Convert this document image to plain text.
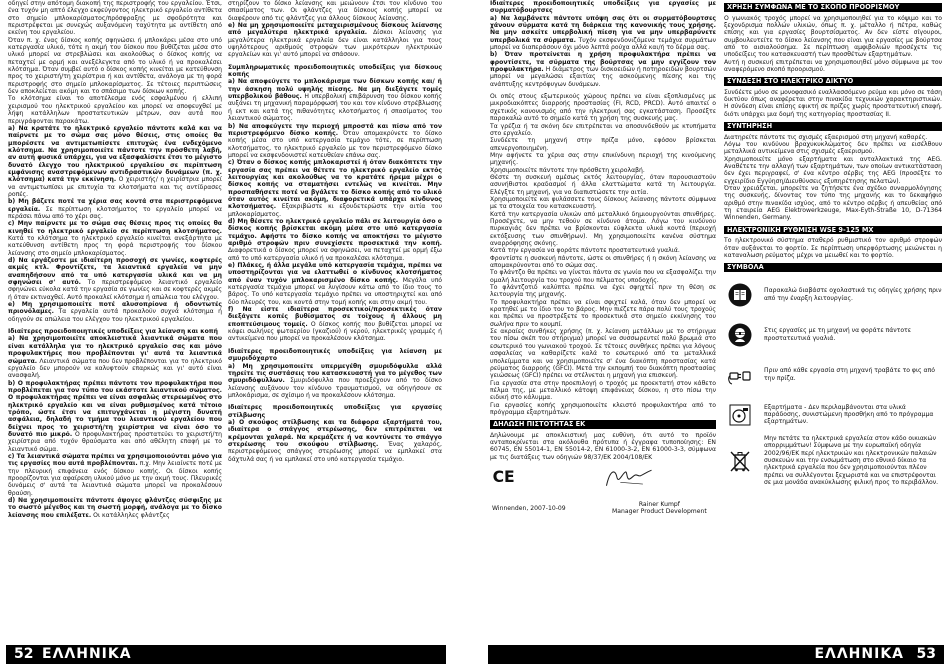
οδηγεί στην απότομη διακοπή της περιστροφής του εργαλείου. Έτσι, ένα τυχόν μη απτό έλεγχο εκφεύγοντος ηλεκτρικό εργαλείο αντίθετα στο σημείο μπλοκαρίσματος/πρόσφραξης με σφοδρότητα και περιστρέφεται με συνεχώς αυξανόμενη ταχύτητα με αντίθετη από εκείνη του εργαλείου.

Όταν π. χ. ένας δίσκος κοπής σφηνώσει ή μπλοκάρει μέσα στο υπό κατεργασία υλικό, τότε η ακμή του δίσκου που βυθίζεται μέσα στο υλικό μπορεί να στρεβλώσει και ακολούθως ο δίσκος κοπής να πεταχτεί με ορμή και ανεξέλεγκτα από το υλικό ή να προκαλέσει κλότσημα. Όταν συμβεί αυτό ο δίσκος κοπής κινείται με κατεύθυνση προς το χειριστή/τη χειρίστρια ή και αντίθετα, ανάλογα με τη φορά περιστροφής στο σημείο μπλοκαρίσματος. Σε τέτοιες περιπτώσεις δεν αποκλείεται ακόμη και το σπάσιμο των δίσκων κοπής.

Το κλότσημα είναι το αποτέλεσμα ενός εσφαλμένου ή ελλιπή χειρισμού του ηλεκτρικού εργαλείου και μπορεί να αποφευχθεί με λήψη κατάλληλων προστατευτικών μέτρων, σαν αυτά που περιγράφονται παρακάτω.

a) Να κρατάτε το ηλεκτρικό εργαλείο πάντοτε καλά και να παίρνετε με το σώμα σας μόνο θέσεις, στις οποίες θα μπορέσετε να αντιμετωπίσετε επιτυχώς ένα ενδεχόμενο κλότσημα. Να χρησιμοποιείτε πάντοτε την πρόσθετη λαβή, αν αυτή φυσικά υπάρχει, για να εξασφαλίσετε έτσι το μέγιστο δυνατό έλεγχο του ηλεκτρικού εργαλείου σε περίπτωση εμφάνισης αναστρεφόμενων αντιδραστικών δυνάμεων (π. χ. κλότσημα) κατά την εκκίνηση. Ο χειριστής/ η χειρίστρια μπορεί να αντιμετωπίσει με επιτυχία τα κλοτσήματα και τις αντίδρασες ροπές.

b) Μη βάζετε ποτέ τα χέρια σας κοντά στα περιστρεφόμενα εργαλεία. Σε περίπτωση κλοτσήματος το εργαλείο μπορεί να περάσει πάνω από το χέρι σας.

c) Μην παίρνετε με το σώμα σας θέσεις προς τις οποίες θα κινηθεί το ηλεκτρικό εργαλείο σε περίπτωση κλοτσήματος. Κατά το κλότσημα το ηλεκτρικό εργαλείο κινείται ανεξάρτητα με κατεύθυνση αντίθετη προς τη φορά περιστροφής του δίσκου λείανσης στο σημείο μπλοκαρίσματος.

d) Να εργάζεστε με ιδιαίτερη προσοχή σε γωνίες, κοφτερές ακμές κτλ. Φροντίζετε, τα λειαντικά εργαλεία να μην αναπηδήσουν από τα υπό κατεργασία υλικά και να μη σφηνώσει σ' αυτό. Το περιστρεφόμενο λειαντικό εργαλείο σφηνώνει εύκολα κατά την εργασία σε γωνίες και σε κοφτερές ακμές ή όταν εκτιναχθεί. Αυτό προκαλεί κλότσημα ή απώλεια του ελέγχου.

e) Μη χρησιμοποιείτε ποτέ αλυσοπρίονα ή οδοντωτές πριονόλαμες. Τα εργαλεία αυτά προκαλούν συχνά κλότσημα ή οδηγούν σε απώλεια του ελέγχου του ηλεκτρικού εργαλείου.

Ιδιαίτερες προειδοποιητικές υποδείξεις για λείανση και κοπή

a) Να χρησιμοποιείτε αποκλειστικά λειαντικά σώματα που είναι κατάλληλα για το ηλεκτρικό εργαλείο σας και μόνο προφυλακτήρες που προβλέπονται γι' αυτά τα λειαντικά σώματα. Λειαντικά σώματα που δεν προβλέπονται για το ηλεκτρικό εργαλείο δεν μπορούν να καλυφτούν επαρκώς και γι' αυτό είναι ανασφαλή.

b) Ο προφυλακτήρας πρέπει πάντοτε τον προφυλακτήρα που προβλέπεται για τον τύπο του εκάστοτε λειαντικού σώματος. Ο προφυλακτήρας πρέπει να είναι ασφαλώς στερεωμένος στο ηλεκτρικό εργαλείο και να είναι ρυθμισμένος κατά τέτοιο τρόπο, ώστε έτσι να επιτυγχάνεται η μέγιστη δυνατή ασφάλεια, δηλαδή το τμήμα του λειαντικού εργαλείου που δείχνει προς το χειριστή/τη χειρίστρια να είναι όσο το δυνατό πιο μικρό. Ο προφυλακτήρας προστατεύει το χειριστή/τη χειρίστρια από τυχόν θραύσματα και από αθέλητη επαφή με το λειαντικό σώμα.

c) Τα λειαντικά σώματα πρέπει να χρησιμοποιούνται μόνο για τις εργασίες που αυτά προβλέπονται. π.χ. Μην λειαίνετε ποτέ με την πλευρική επιφάνεια ενός δίσκου κοπής. Οι δίσκοι κοπής προορίζονται για αφαίρεση υλικού μόνο με την ακμή τους. Πλευρικές δυνάμεις σ' αυτά τα λειαντικά σώματα μπορεί να προκαλέσουν θραύση.

d) Να χρησιμοποιείτε πάντοτε άψογες φλάντζες σύσφιξης με το σωστό μέγεθος και τη σωστή μορφή, ανάλογα με το δίσκο λείανσης που επιλέξατε. Οι κατάλληλες φλάντζες

στηρίζουν το δίσκο λείανσης και μειώνουν έτσι τον κίνδυνο του σπασίματος των. Οι φλάντζες για δίσκους κοπής μπορεί να διαφέρουν από τις φλάντζες για άλλους δίσκους λείανσης.

e) Να μη χρησιμοποιείτε μεταχειρισμένους δίσκους λείανσης από μεγαλύτερα ηλεκτρικά εργαλεία. Δίσκοι λείανσης για μεγαλύτερα ηλεκτρικά εργαλεία δεν είναι κατάλληλοι για τους υψηλότερους αριθμούς στροφών των μικρότερων ηλεκτρικών εργαλείων και γι' αυτό μπορεί να σπάσουν.

Συμπληρωματικές προειδοποιητικές υποδείξεις για δίσκους κοπής

a) Να αποφεύγετε το μπλοκάρισμα των δίσκων κοπής και/ ή την άσκηση πολύ υψηλής πίεσης. Να μη διεξάγετε τομές υπερβολικού βάθους. Η υπερβολική επιβάρυνση του δίσκου κοπής αυξάνει τη μηχανική παραμόρφωσή του και τον κίνδυνο στρέβλωσης ή εκτ και κατά της πιθανότητες κλοτσήματος ή σπασίματος του λειαντικού σώματος.

b) Να αποφεύγετε την περιοχή μπροστά και πίσω από τον περιστρεφόμενο δίσκο κοπής. Όταν απομακρύνετε το δίσκο κοπής μέσα στο υπό κατεργασία τεμάχιο τότε, σε περίπτωση κλοτσήματος, το ηλεκτρικό εργαλείο με τον περιστρεφόμενο δίσκο μπορεί να εκσφενδονιστεί κατευθείαν επάνω σας.

c) Όταν ο δίσκος κοπής μπλοκαριστεί ή όταν διακόπτετε την εργασία σας πρέπει να θέτετε το ηλεκτρικό εργαλείο εκτός λειτουργίας και ακολούθως να το κρατάτε ήρεμα μέχρι ο δίσκος κοπής να σταματήσει εντελώς να κινείται. Μην προσπαθήσετε ποτέ να βγάλετε το δίσκο κοπής από το υλικό όταν αυτός κινείται ακόμη, διαφορετικά υπάρχει κίνδυνος κλοτσήματος. Εξακριβώστε κι εξουδετερώστε την αιτία του μπλοκαρίσματος.

d) Μη θέσετε το ηλεκτρικό εργαλείο πάλι σε λειτουργία όσο ο δίσκος κοπής βρίσκεται ακόμη μέσα στο υπό κατεργασία τεμάχιο. Αφήστε το δίσκο κοπής να αποκτήσει το μέγιστο αριθμό στροφών πριν συνεχίσετε προσεκτικά την κοπή. Διαφορετικά ο δίσκος μπορεί να σφηνώσει, να πεταχτεί με ορμή έξω από το υπό κατεργασία υλικό ή να προκαλέσει κλότσημα.

e) Πλάκες, ή άλλα μεγάλα υπό κατεργασία τεμάχια, πρέπει να υποστηρίζονται για να ελαττωθεί ο κίνδυνος κλοτσήματος από έναν τυχόν μπλοκαρισμένο δίσκο κοπής. Μεγάλα υπό κατεργασία τεμάχια μπορεί να λυγίσουν κάτω από το ίδιο τους το βάρος. Το υπό κατεργασία τεμάχιο πρέπει να υποστηριχτεί και από δύο πλευρές του, και κοντά στην τομή κοπής και στην ακμή του.

f) Να είστε ιδιαίτερα προσεκτικοί/προσεκτικές όταν διεξάγετε κοπές βυθίσματος σε τοίχους ή άλλους μη εποπτεύσιμους τομείς. Ο δίσκος κοπής που βυθίζεται μπορεί να κόψει σωλήνες φωταερίου (γκαζιού) ή νερού, ηλεκτρικές γραμμές ή αντικείμενα που μπορεί να προκαλέσουν κλότσημα.

Ιδιαίτερες προειδοποιητικές υποδείξεις για λείανση με σμυριδόχαρτο

a) Μη χρησιμοποιείτε υπερμεγέθη σμυριδόφυλλα αλλά τηρείτε τις συστάσεις του κατασκευαστή για το μέγεθος των σμυριδόφυλλων. Σμυριδόφυλλα που προεξέχουν από το δίσκο λείανσης αυξάνουν τον κίνδυνο τραυματισμού, να οδηγήσουν σε μπλοκάρισμα, σε σχίσιμο ή να προκαλέσουν κλότσημα.

Ιδιαίτερες προειδοποιητικές υποδείξεις για εργασίες στίλβωσης

a) Ο σκούφος στίλβωσης και τα διάφορα εξαρτήματά του, ιδιαίτερα ο σπάγγος στερέωσης, δεν επιτρέπεται να κρέμονται χαλαρά. Να κρεμάζετε ή να κοντύνετε το σπάγγο στερέωσης του σκούφου στίλβωσης. Ένας χαλαρός, περιστρεφόμενος σπάγγος στερέωσης μπορεί να εμπλακεί στα δάχτυλά σας ή να εμπλακεί στο υπό κατεργασία τεμάχιο.

Ιδιαίτερες προειδοποιητικές υποδείξεις για εργασίες με συρματόβουρτσες

a) Να λαμβάνετε πάντοτε υπόψη σας ότι οι συρματόβουρτσες χάνουν σύρματα κατά τη διάρκεια της κανονικής τους χρήσης. Να μην ασκείτε υπερβολική πίεση για να μην υπερβαρύνετε υπερβολικά τα σύρματα. Τυχόν εκσφενδονιζόμενα τεμάχια συρμάτων μπορεί να διαπεράσουν όχι μόνο λεπτά ρούχα αλλά και/ή το δέρμα σας.

b) Όταν προτείνεται η χρήση προφυλακτήρα πρέπει να φροντίσετε, τα σύρματα της βούρτσας να μην εγγίζουν τον προφυλακτήρα. Η διάμετρος των δισκοειδών ή ποτηροειδών βουρτσών μπορεί να μεγαλώσει εξαιτίας της ασκούμενης πίεσης και της ανάπτυξης κεντρόφυγων δυνάμεων.

Οι οπές στους εξωτερικούς χώρους πρέπει να είναι εξοπλισμένες με μικροδιακόπτες διαρροής προστασίας (FI, RCD, PRCD). Αυτό απαιτεί ο σχετικός κανονισμός από την ηλεκτρική σας εγκατάσταση. Προσέξτε παρακαλώ αυτό το σημείο κατά τη χρήση της συσκευής μας.

Τα γρέζια ή τα σκόνη δεν επιτρέπεται να αποσυνδεθούν με κτυπήματα στο εργαλείο.

Συνδέετε τη μηχανή στην πρίζα μόνο, εφόσον βρίσκεται απενεργοποιημένη.

Μην αφήνετε τα χέρια σας στην επικίνδυνη περιοχή της κινούμενης μηχανής.

Χρησιμοποιείτε πάντοτε την πρόσθετη χειρολαβή.

Θέστε τη συσκευή αμέσως εκτός λειτουργίας, όταν παρουσιαστούν ασυνήθιστοι κραδασμοί ή άλλα ελαττώματα κατά τη λειτουργία. Ελέγξτε τη μηχανή, για να διαπιστώσετε την αιτία.

Χρησιμοποιείτε και φυλάσσετε τους δίσκους λείανσης πάντοτε σύμφωνα με τα στοιχεία του κατασκευαστή.

Κατά την κατεργασία υλικών από μεταλλικό δημιουργούνται σπινθήρες. Προσέχετε, να μην τεθούν σε κίνδυνο άτομα. Λόγω του κινδύνου πυρκαγιάς δεν πρέπει να βρίσκονται εύφλεκτα υλικά κοντά (περιοχή εκτόξευσης των σπινθήρων). Μη χρησιμοποιείτε κανένα σύστημα αναρρόφησης σκόνης.

Κατά την εργασία να φοράτε πάντοτε προστατευτικά γυαλιά.

Φροντίστε η συσκευή πάντοτε, ώστε οι σπινθήρες ή η σκόνη λείανσης να απομακρύνονται από το σώμα σας.

Το φλάντζο θα πρέπει να γίνεται πάντα σε γωνία που να εξασφαλίζει την ομαλή λειτουργία του τροχού που πέλματος υποδοχής.

Το φλάντζοτιδ καλύπτει πρέπει να έχει σφηχτεί πριν τη θέση σε λειτουργία της μηχανής.

Το προφυλακτήρα πρέπει να είναι σφιχτεί καλά, όταν δεν μπορεί να κρατηθεί με το ίδιο του το βάρος. Μην πιέζετε πάρα πολύ τους τροχούς και πρέπει να προστρέξετε το προσεκτικά στο σημείο εκκίνησης του σωλήνα πριν το κουμπί.

Σε ακραίες συνθήκες χρήσης (π. χ. λείανση μετάλλων με το στήριγμα του πίσω σκέπ του στήριγμα) μπορεί να συσσωρευτεί πολύ βρωμιά στο εσωτερικό του γωνιακού τροχού. Σε τέτοιες συνθήκες πρέπει για λόγους ασφαλείας να καθαρίζετε καλά το εσωτερικό από τα μεταλλικά υπολείμματα και να χρησιμοποιείτε σ' ένα διακόπτη προστασίας κατά ρεύματος διαρροής (GFCI). Μετά την εκπομπή του διακόπτη προστασίας γειώσεως (GFCI) πρέπει να στέλνεται η μηχανή για επισκευή.

Για εργασία στα στην προεπιλογή ο τροχός με προεκτατή στον κάθετο πέλμα της, με μεταλλικό κάτοψη επιφάνειας δίσκου, η στο πίσω την ειδική στο κάλυμμα.

Για εργασίες κοπής χρησιμοποιείτε κλειστό προφυλακτήρα από το πρόγραμμα εξαρτημάτων.

ΔΗΛΩΣΗ ΠΙΣΤΟΤΗΤΑΣ ΕΚ

Δηλώνουμε με αποκλειστική μας ευθύνη, ότι αυτό το προϊόν ανταποκρίνεται στα ακόλουθα πρότυπα ή έγγραφα τυποποίησης: EN 60745, EN 55014-1, EN 55014-2, EN 61000-3-2, EN 61000-3-3, σύμφωνα με τις διατάξεις των οδηγιών 98/37/ΕΚ 2004/108/ΕΚ

CE
Winnenden, 2007-10-09
Rainer Kumpf
Manager Product Development
ΧΡΗΣΗ ΣΥΜΦΩΝΑ ΜΕ ΤΟ ΣΚΟΠΟ ΠΡΟΟΡΙΣΜΟΥ

Ο γωνιακός τροχός μπορεί να χρησιμοποιηθεί για το κόψιμο και το ξεχονδρισμα πολλών υλικών, όπως π. χ. μέταλλο ή πέτρα, καθώς επίσης και για εργασίες βουρτσίσματος. Αν δεν είστε σίγουροι, συμβουλευτείτε το δίσκο λείανσης που είναι για εργασίες με βούρτσα από το αισιαλούσημα. Σε περίπτωση αμφιβολιών προσέχετε τις υποδείξεις του κατασκευαστή των προσθέτων εξαρτημάτων.

Αυτή η συσκευή επιτρέπεται να χρησιμοποιηθεί μόνο σύμφωνα με τον αναφερόμενο σκοπό προορισμού.

ΣΥΝΔΕΣΗ ΣΤΟ ΗΛΕΚΤΡΙΚΟ ΔΙΚΤΥΟ

Συνδέετε μόνο σε μονοφασικό εναλλασσόμενο ρεύμα και μόνο σε τάση δικτύου όπως αναφέρεται στην πινακίδα τεχνικών χαρακτηριστικών. Η σύνδεση είναι επίσης εφικτή σε πρίζες χωρίς προστατευτική επαφή, διότι υπάρχει μια δομή της κατηγορίας προστασίας II.

ΣΥΝΤΗΡΗΣΗ

Διατηρείτε πάντοτε τις σχισμές εξαερισμού στη μηχανή καθαρές.

Λόγω του κινδύνου βραχυκυκλώματος δεν πρέπει να εισέλθουν μεταλλικά αντικείμενα στις σχισμές εξαερισμού.

Χρησιμοποιείτε μόνο εξαρτήματα και ανταλλακτικά της AEG. Αναθέτετε την αλλαγή των εξαρτημάτων, των οποίων αντικατάσταση δεν έχει περιγραφεί, σ' ένα κέντρο σέρβις της AEG (προσέξτε το εγχειρίδιο Εγγύηση/Διευθύνσεις εξυπηρέτησης πελατών).

Όταν χρειάζεται, μπορείτε να ζητήσετε ένα σχέδιο συναρμολόγησης της συσκευής, δίνοντας τον τύπο της μηχανής και το δεκαψήφιο αριθμό στην πινακίδα ισχύος, από το κέντρο σέρβις ή απευθείας από τη εταιρεία AEG Elektrowerkzeuge, Max-Eyth-Straße 10, D-71364 Winnenden, Germany.

ΗΛΕΚΤΡΟΝΙΚΗ ΡΥΘΜΙΣΗ WSE 9-125 MX

Το ηλεκτρονικό σύστημα σταθερό ρυθμιστικό τον αριθμό στροφών όταν αυξάνεται το φορτίο. Σε περίπτωση υπερφόρτωσης μειώνεται η καταναλωση ρεύματος μέχρι να μειωθεί και το φορτίο.

ΣΥΜΒΟΛΑ
Παρακαλώ διαβάστε οχολαστικά τις οδηγίες χρήσης πριν από την έναρξη λειτουργίας.
Στις εργασίες με τη μηχανή να φοράτε πάντοτε προστατευτικά γυαλιά.
Πριν από κάθε εργασία στη μηχανή τραβάτε το φις από την πρίζα.
Εξαρτήματα - Δεν περιλαμβάνονται στα υλικά παράδοσης, συνιστώμενη προσθήκη από το πρόγραμμα εξαρτημάτων.
Μην πετάτε τα ηλεκτρικά εργαλεία στον κάδο οικιακών απορριμμάτων! Σύμφωνα με την ευρωπαϊκή οδηγία 2002/96/ΕΚ περί ηλεκτρικών και ηλεκτρονικών παλαιών συσκευών και την ενσωμάτωση στο εθνικό δίκαιο τα ηλεκτρικά εργαλεία που δεν χρησιμοποιούνται πλέον πρέπει να συλλέγονται ξεχωριστά και να επιστρέφονται σε μια μονάδα ανακύκλωσης φιλική προς το περιβάλλον.
52 ΕΛΛΗΝΙΚΑ	ΕΛΛΗΝΙΚΑ 53
